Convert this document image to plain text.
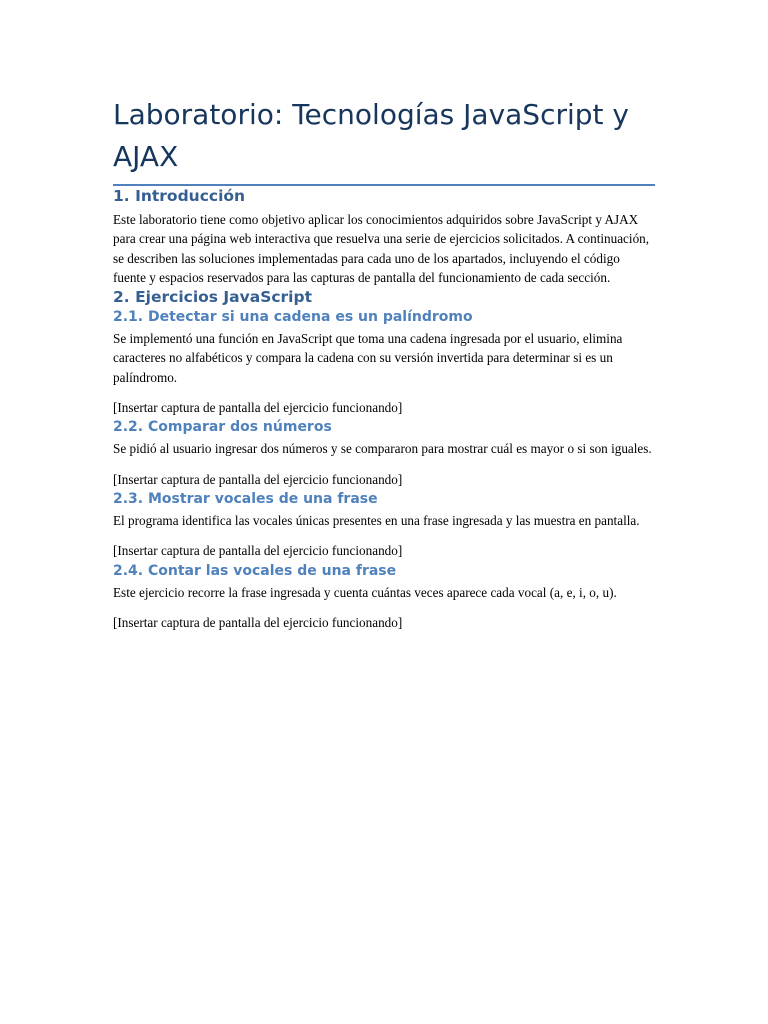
Laboratorio: Tecnologías JavaScript y AJAX
1. Introducción

Este laboratorio tiene como objetivo aplicar los conocimientos adquiridos sobre JavaScript y AJAX para crear una página web interactiva que resuelva una serie de ejercicios solicitados. A continuación, se describen las soluciones implementadas para cada uno de los apartados, incluyendo el código fuente y espacios reservados para las capturas de pantalla del funcionamiento de cada sección.

2. Ejercicios JavaScript
2.1. Detectar si una cadena es un palíndromo

Se implementó una función en JavaScript que toma una cadena ingresada por el usuario, elimina caracteres no alfabéticos y compara la cadena con su versión invertida para determinar si es un palíndromo.

[Insertar captura de pantalla del ejercicio funcionando]

2.2. Comparar dos números

Se pidió al usuario ingresar dos números y se compararon para mostrar cuál es mayor o si son iguales.

[Insertar captura de pantalla del ejercicio funcionando]

2.3. Mostrar vocales de una frase

El programa identifica las vocales únicas presentes en una frase ingresada y las muestra en pantalla.

[Insertar captura de pantalla del ejercicio funcionando]

2.4. Contar las vocales de una frase

Este ejercicio recorre la frase ingresada y cuenta cuántas veces aparece cada vocal (a, e, i, o, u).

[Insertar captura de pantalla del ejercicio funcionando]
